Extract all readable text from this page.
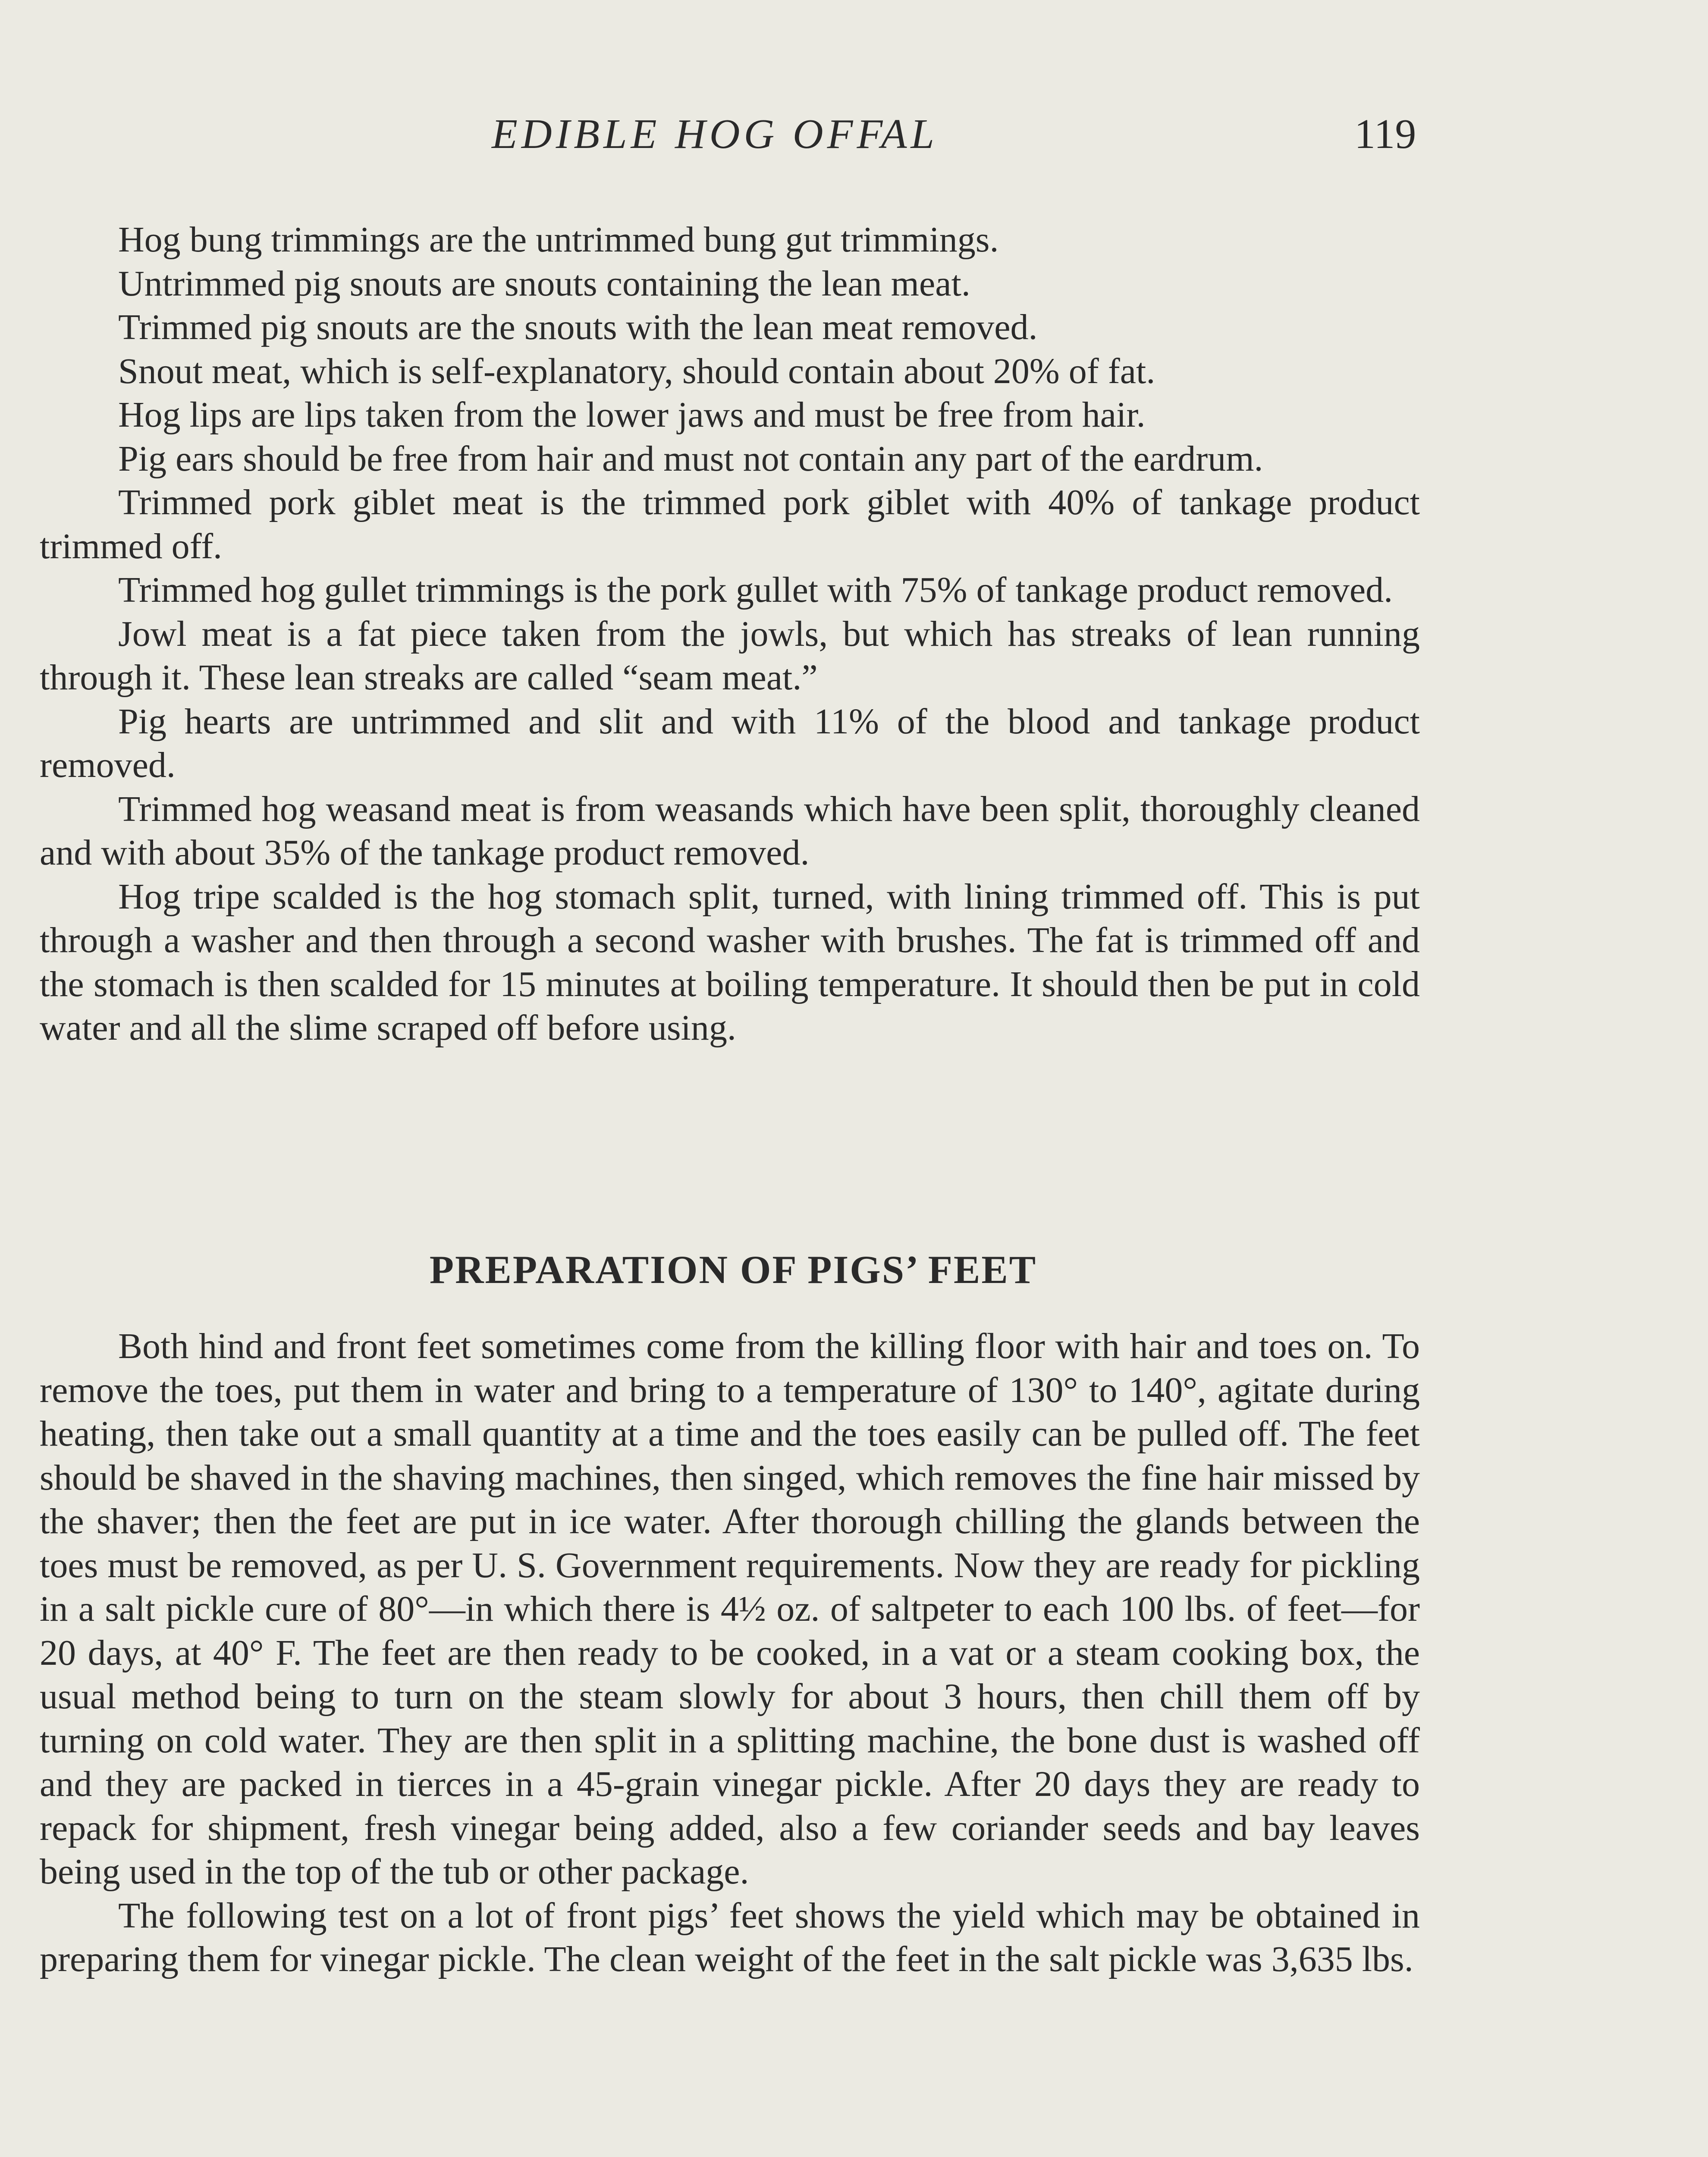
EDIBLE HOG OFFAL	119

Hog bung trimmings are the untrimmed bung gut trimmings.

Untrimmed pig snouts are snouts containing the lean meat.

Trimmed pig snouts are the snouts with the lean meat removed.

Snout meat, which is self-explanatory, should contain about 20% of fat.

Hog lips are lips taken from the lower jaws and must be free from hair.

Pig ears should be free from hair and must not contain any part of the eardrum.

Trimmed pork giblet meat is the trimmed pork giblet with 40% of tankage product trimmed off.

Trimmed hog gullet trimmings is the pork gullet with 75% of tankage product removed.

Jowl meat is a fat piece taken from the jowls, but which has streaks of lean running through it. These lean streaks are called “seam meat.”

Pig hearts are untrimmed and slit and with 11% of the blood and tankage product removed.

Trimmed hog weasand meat is from weasands which have been split, thoroughly cleaned and with about 35% of the tankage product removed.

Hog tripe scalded is the hog stomach split, turned, with lining trimmed off. This is put through a washer and then through a second washer with brushes. The fat is trimmed off and the stomach is then scalded for 15 minutes at boiling temperature. It should then be put in cold water and all the slime scraped off before using.

PREPARATION OF PIGS’ FEET

Both hind and front feet sometimes come from the killing floor with hair and toes on. To remove the toes, put them in water and bring to a temperature of 130° to 140°, agitate during heating, then take out a small quantity at a time and the toes easily can be pulled off. The feet should be shaved in the shaving machines, then singed, which removes the fine hair missed by the shaver; then the feet are put in ice water. After thorough chilling the glands between the toes must be removed, as per U. S. Government requirements. Now they are ready for pickling in a salt pickle cure of 80°—in which there is 4½ oz. of saltpeter to each 100 lbs. of feet—for 20 days, at 40° F. The feet are then ready to be cooked, in a vat or a steam cooking box, the usual method being to turn on the steam slowly for about 3 hours, then chill them off by turning on cold water. They are then split in a splitting machine, the bone dust is washed off and they are packed in tierces in a 45-grain vinegar pickle. After 20 days they are ready to repack for shipment, fresh vinegar being added, also a few coriander seeds and bay leaves being used in the top of the tub or other package.

The following test on a lot of front pigs’ feet shows the yield which may be obtained in preparing them for vinegar pickle. The clean weight of the feet in the salt pickle was 3,635 lbs.
